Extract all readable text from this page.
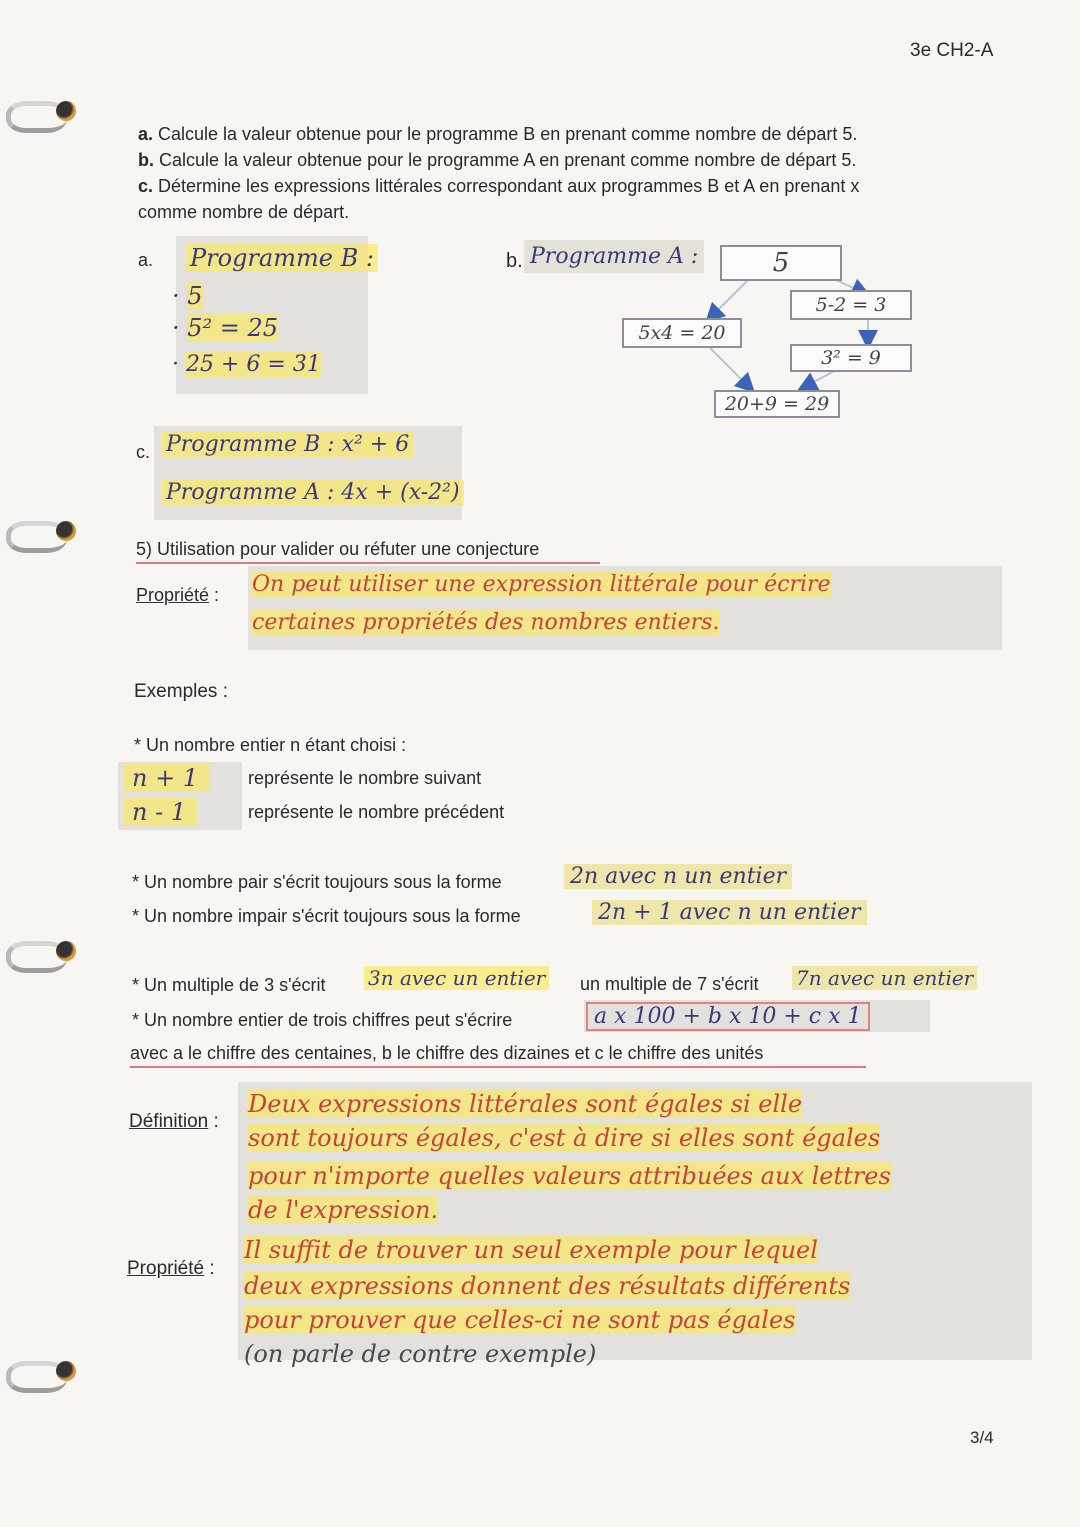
3e CH2-A
a. Calcule la valeur obtenue pour le programme B en prenant comme nombre de départ 5.
b. Calcule la valeur obtenue pour le programme A en prenant comme nombre de départ 5.
c. Détermine les expressions littérales correspondant aux programmes B et A en prenant x
comme nombre de départ.
a. Programme B :
· 5
· 5² = 25
· 25 + 6 = 31
b. Programme A :	5
5x4 = 20
5-2 = 3
3² = 9
20+9 = 29
c. Programme B : x² + 6
Programme A : 4x + (x-2²)
5) Utilisation pour valider ou réfuter une conjecture
Propriété : On peut utiliser une expression littérale pour écrire
certaines propriétés des nombres entiers.
Exemples :
* Un nombre entier n étant choisi :
n + 1	représente le nombre suivant
n - 1	représente le nombre précédent
* Un nombre pair s'écrit toujours sous la forme	2n avec n un entier
* Un nombre impair s'écrit toujours sous la forme	2n + 1 avec n un entier
* Un multiple de 3 s'écrit 3n avec un entier un multiple de 7 s'écrit 7n avec un entier
* Un nombre entier de trois chiffres peut s'écrire	a x 100 + b x 10 + c x 1
avec a le chiffre des centaines, b le chiffre des dizaines et c le chiffre des unités
Définition :
Deux expressions littérales sont égales si elle
sont toujours égales, c'est à dire si elles sont égales
pour n'importe quelles valeurs attribuées aux lettres
de l'expression.
Propriété :
Il suffit de trouver un seul exemple pour lequel
deux expressions donnent des résultats différents
pour prouver que celles-ci ne sont pas égales
(on parle de contre exemple)
3/4
